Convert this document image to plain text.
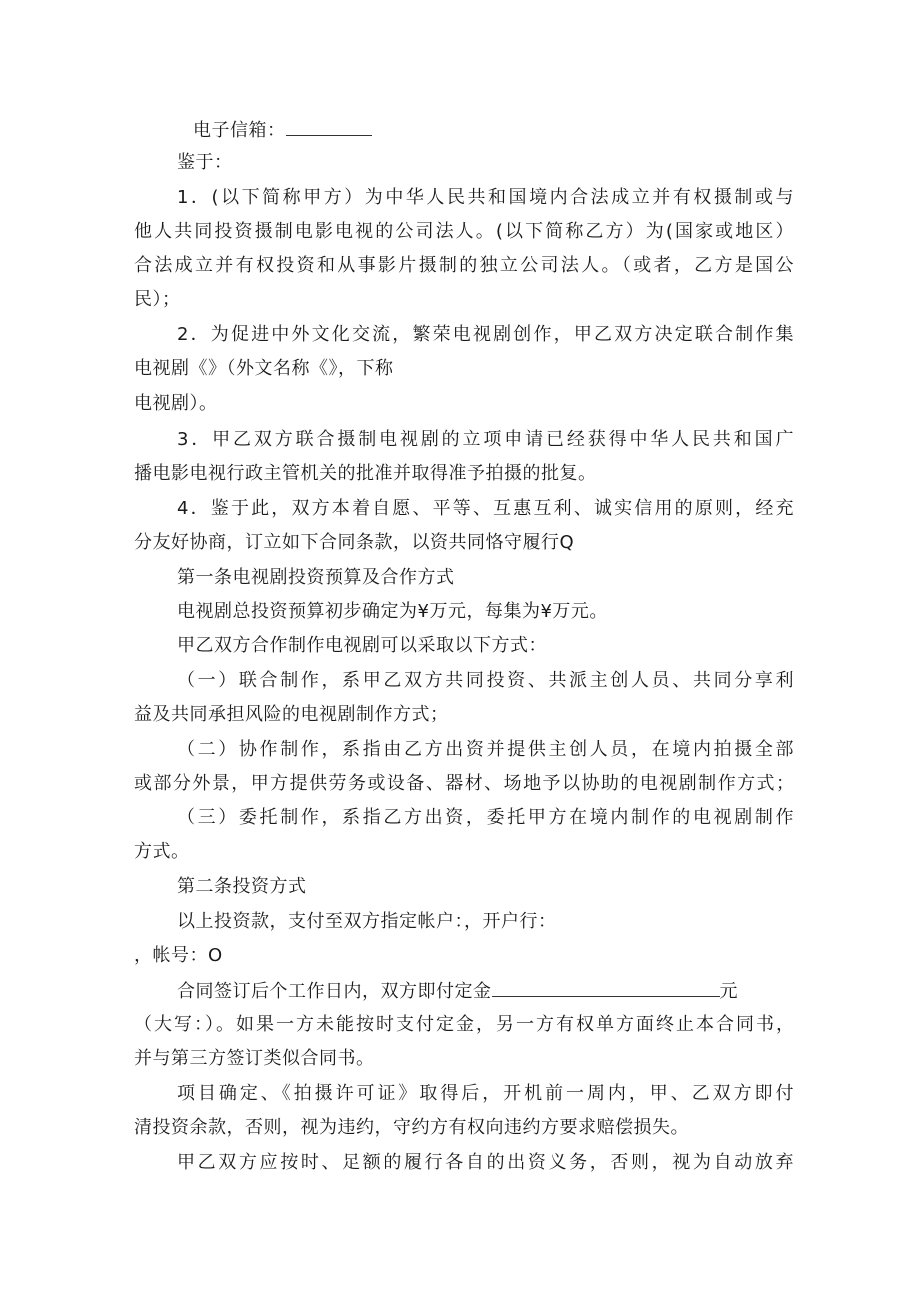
电子信箱：
鉴于：
1．(以下简称甲方）为中华人民共和国境内合法成立并有权摄制或与
他人共同投资摄制电影电视的公司法人。(以下简称乙方）为(国家或地区）
合法成立并有权投资和从事影片摄制的独立公司法人。（或者，乙方是国公
民）；
2．为促进中外文化交流，繁荣电视剧创作，甲乙双方决定联合制作集
电视剧《》（外文名称《》，下称
电视剧）。
3．甲乙双方联合摄制电视剧的立项申请已经获得中华人民共和国广
播电影电视行政主管机关的批准并取得准予拍摄的批复。
4．鉴于此，双方本着自愿、平等、互惠互利、诚实信用的原则，经充
分友好协商，订立如下合同条款，以资共同恪守履行Q
第一条电视剧投资预算及合作方式
电视剧总投资预算初步确定为¥万元，每集为¥万元。
甲乙双方合作制作电视剧可以采取以下方式：
（一）联合制作，系甲乙双方共同投资、共派主创人员、共同分享利
益及共同承担风险的电视剧制作方式；
（二）协作制作，系指由乙方出资并提供主创人员，在境内拍摄全部
或部分外景，甲方提供劳务或设备、器材、场地予以协助的电视剧制作方式；
（三）委托制作，系指乙方出资，委托甲方在境内制作的电视剧制作
方式。
第二条投资方式
以上投资款，支付至双方指定帐户：，开户行：
，帐号：O
合同签订后个工作日内，双方即付定金	元
（大写：）。如果一方未能按时支付定金，另一方有权单方面终止本合同书，
并与第三方签订类似合同书。
项目确定、《拍摄许可证》取得后，开机前一周内，甲、乙双方即付
清投资余款，否则，视为违约，守约方有权向违约方要求赔偿损失。
甲乙双方应按时、足额的履行各自的出资义务，否则，视为自动放弃
